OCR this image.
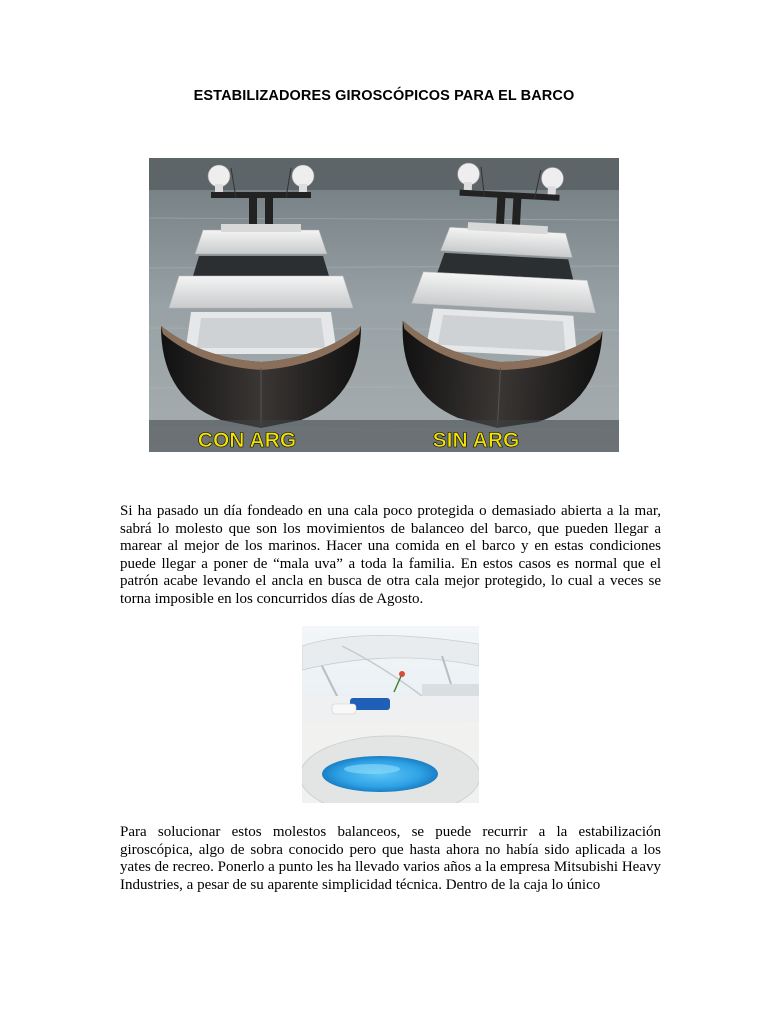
ESTABILIZADORES GIROSCÓPICOS PARA EL BARCO
CON ARG	SIN ARG

Si ha pasado un día fondeado en una cala poco protegida o demasiado abierta a la mar, sabrá lo molesto que son los movimientos de balanceo del barco, que pueden llegar a marear al mejor de los marinos. Hacer una comida en el barco y en estas condiciones puede llegar a poner de “mala uva” a toda la familia. En estos casos es normal que el patrón acabe levando el ancla en busca de otra cala mejor protegido, lo cual a veces se torna imposible en los concurridos días de Agosto.

Para solucionar estos molestos balanceos, se puede recurrir a la estabilización giroscópica, algo de sobra conocido pero que hasta ahora no había sido aplicada a los yates de recreo. Ponerlo a punto les ha llevado varios años a la empresa Mitsubishi Heavy Industries, a pesar de su aparente simplicidad técnica. Dentro de la caja lo único
